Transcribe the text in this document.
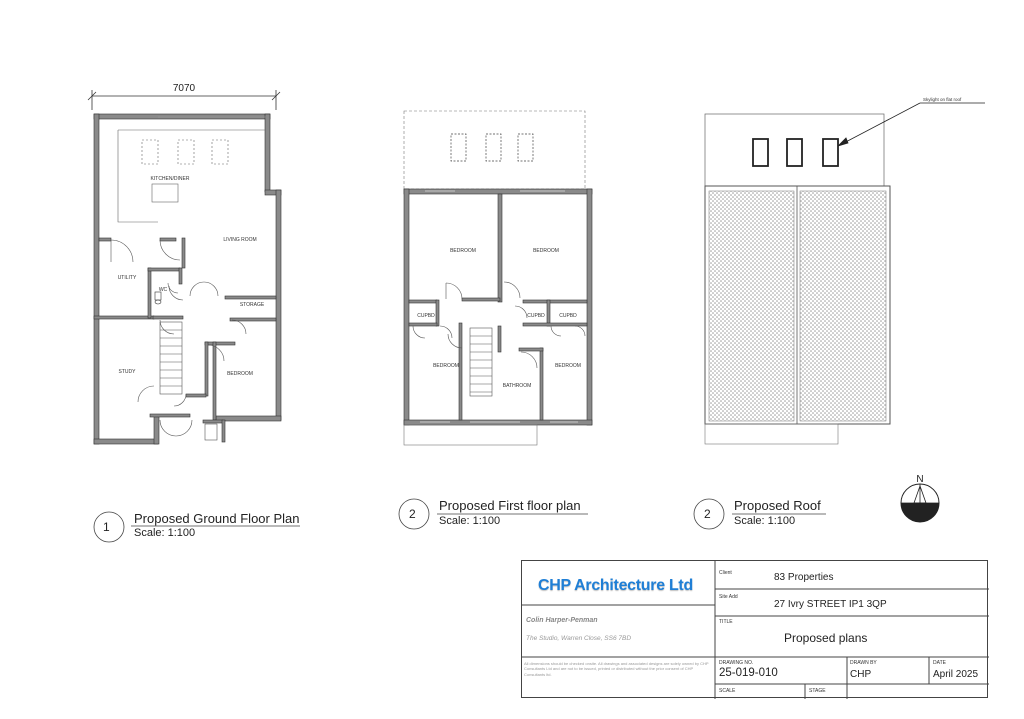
7070
KITCHEN/DINER
LIVING ROOM
UTILITY
WC
STORAGE
STUDY	BEDROOM
BEDROOM	BEDROOM
CUPBD	CUPBD	CUPBD
BEDROOM	BEDROOM
BATHROOM
Skylight on flat roof
N
1
Proposed Ground Floor Plan
Scale: 1:100
2
Proposed First floor plan
Scale: 1:100	2
Proposed Roof
Scale: 1:100
CHP Architecture Ltd
Colin Harper-Penman
The Studio, Warren Close, SS6 7BD
All dimensions should be checked onsite. All drawings and associated designs are solely owned by CHP Consultants Ltd and are not to be issued, printed or distributed without the prior consent of CHP Consultants ltd.
Client	83 Properties
Site Add
27 Ivry STREET IP1 3QP
TITLE
Proposed plans
DRAWING NO.
25-019-010
DRAWN BY
CHP
DATE
April 2025
SCALE	STAGE
